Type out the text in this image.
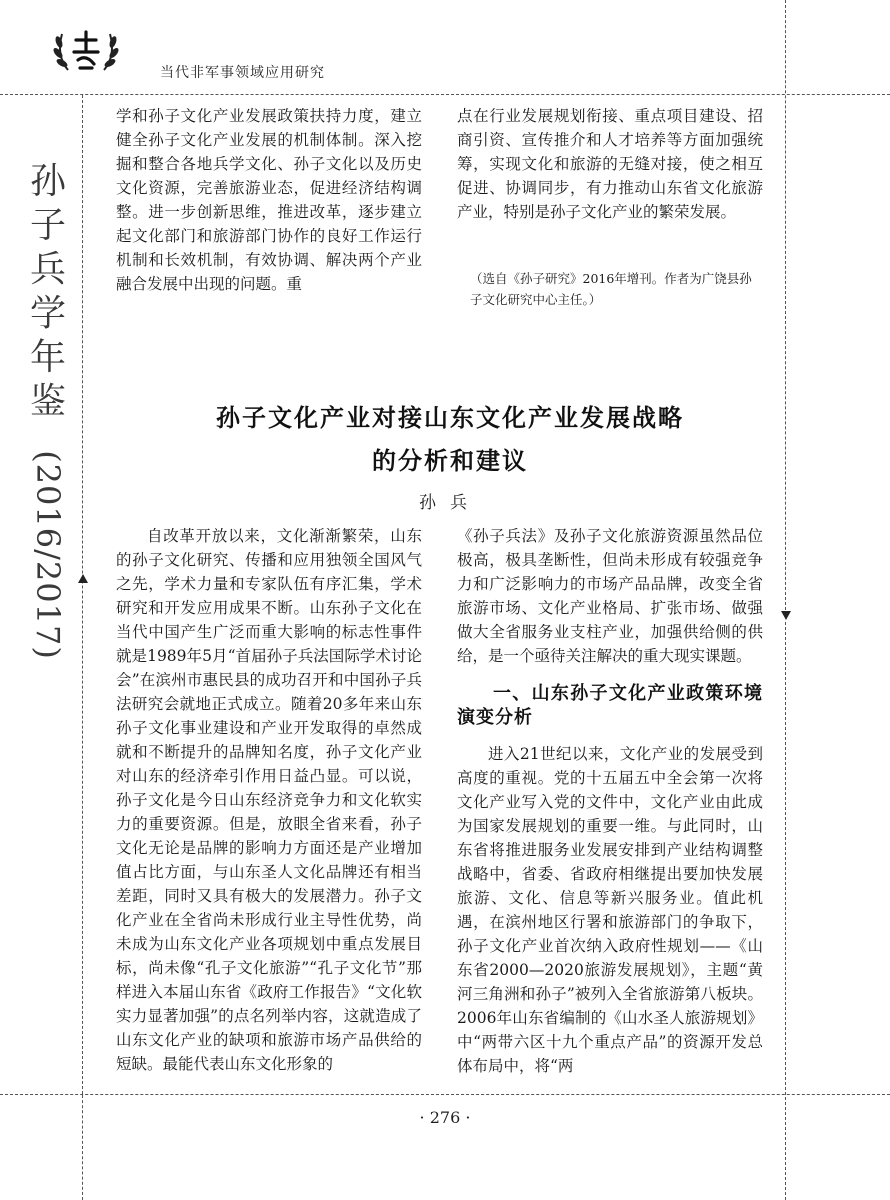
当代非军事领域应用研究
孙
子
兵
学
年
鉴
(2016/2017)

学和孙子文化产业发展政策扶持力度，建立健全孙子文化产业发展的机制体制。深入挖掘和整合各地兵学文化、孙子文化以及历史文化资源，完善旅游业态，促进经济结构调整。进一步创新思维，推进改革，逐步建立起文化部门和旅游部门协作的良好工作运行机制和长效机制，有效协调、解决两个产业融合发展中出现的问题。重

点在行业发展规划衔接、重点项目建设、招商引资、宣传推介和人才培养等方面加强统筹，实现文化和旅游的无缝对接，使之相互促进、协调同步，有力推动山东省文化旅游产业，特别是孙子文化产业的繁荣发展。

（选自《孙子研究》2016年增刊。作者为广饶县孙子文化研究中心主任。）
孙子文化产业对接山东文化产业发展战略
的分析和建议
孙兵

自改革开放以来，文化渐渐繁荣，山东的孙子文化研究、传播和应用独领全国风气之先，学术力量和专家队伍有序汇集，学术研究和开发应用成果不断。山东孙子文化在当代中国产生广泛而重大影响的标志性事件就是1989年5月“首届孙子兵法国际学术讨论会”在滨州市惠民县的成功召开和中国孙子兵法研究会就地正式成立。随着20多年来山东孙子文化事业建设和产业开发取得的卓然成就和不断提升的品牌知名度，孙子文化产业对山东的经济牵引作用日益凸显。可以说，孙子文化是今日山东经济竞争力和文化软实力的重要资源。但是，放眼全省来看，孙子文化无论是品牌的影响力方面还是产业增加值占比方面，与山东圣人文化品牌还有相当差距，同时又具有极大的发展潜力。孙子文化产业在全省尚未形成行业主导性优势，尚未成为山东文化产业各项规划中重点发展目标，尚未像“孔子文化旅游”“孔子文化节”那样进入本届山东省《政府工作报告》“文化软实力显著加强”的点名列举内容，这就造成了山东文化产业的缺项和旅游市场产品供给的短缺。最能代表山东文化形象的

《孙子兵法》及孙子文化旅游资源虽然品位极高，极具垄断性，但尚未形成有较强竞争力和广泛影响力的市场产品品牌，改变全省旅游市场、文化产业格局、扩张市场、做强做大全省服务业支柱产业，加强供给侧的供给，是一个亟待关注解决的重大现实课题。

一、山东孙子文化产业政策环境演变分析

进入21世纪以来，文化产业的发展受到高度的重视。党的十五届五中全会第一次将文化产业写入党的文件中，文化产业由此成为国家发展规划的重要一维。与此同时，山东省将推进服务业发展安排到产业结构调整战略中，省委、省政府相继提出要加快发展旅游、文化、信息等新兴服务业。值此机遇，在滨州地区行署和旅游部门的争取下，孙子文化产业首次纳入政府性规划——《山东省2000—2020旅游发展规划》，主题“黄河三角洲和孙子”被列入全省旅游第八板块。2006年山东省编制的《山水圣人旅游规划》中“两带六区十九个重点产品”的资源开发总体布局中，将“两

· 276 ·
